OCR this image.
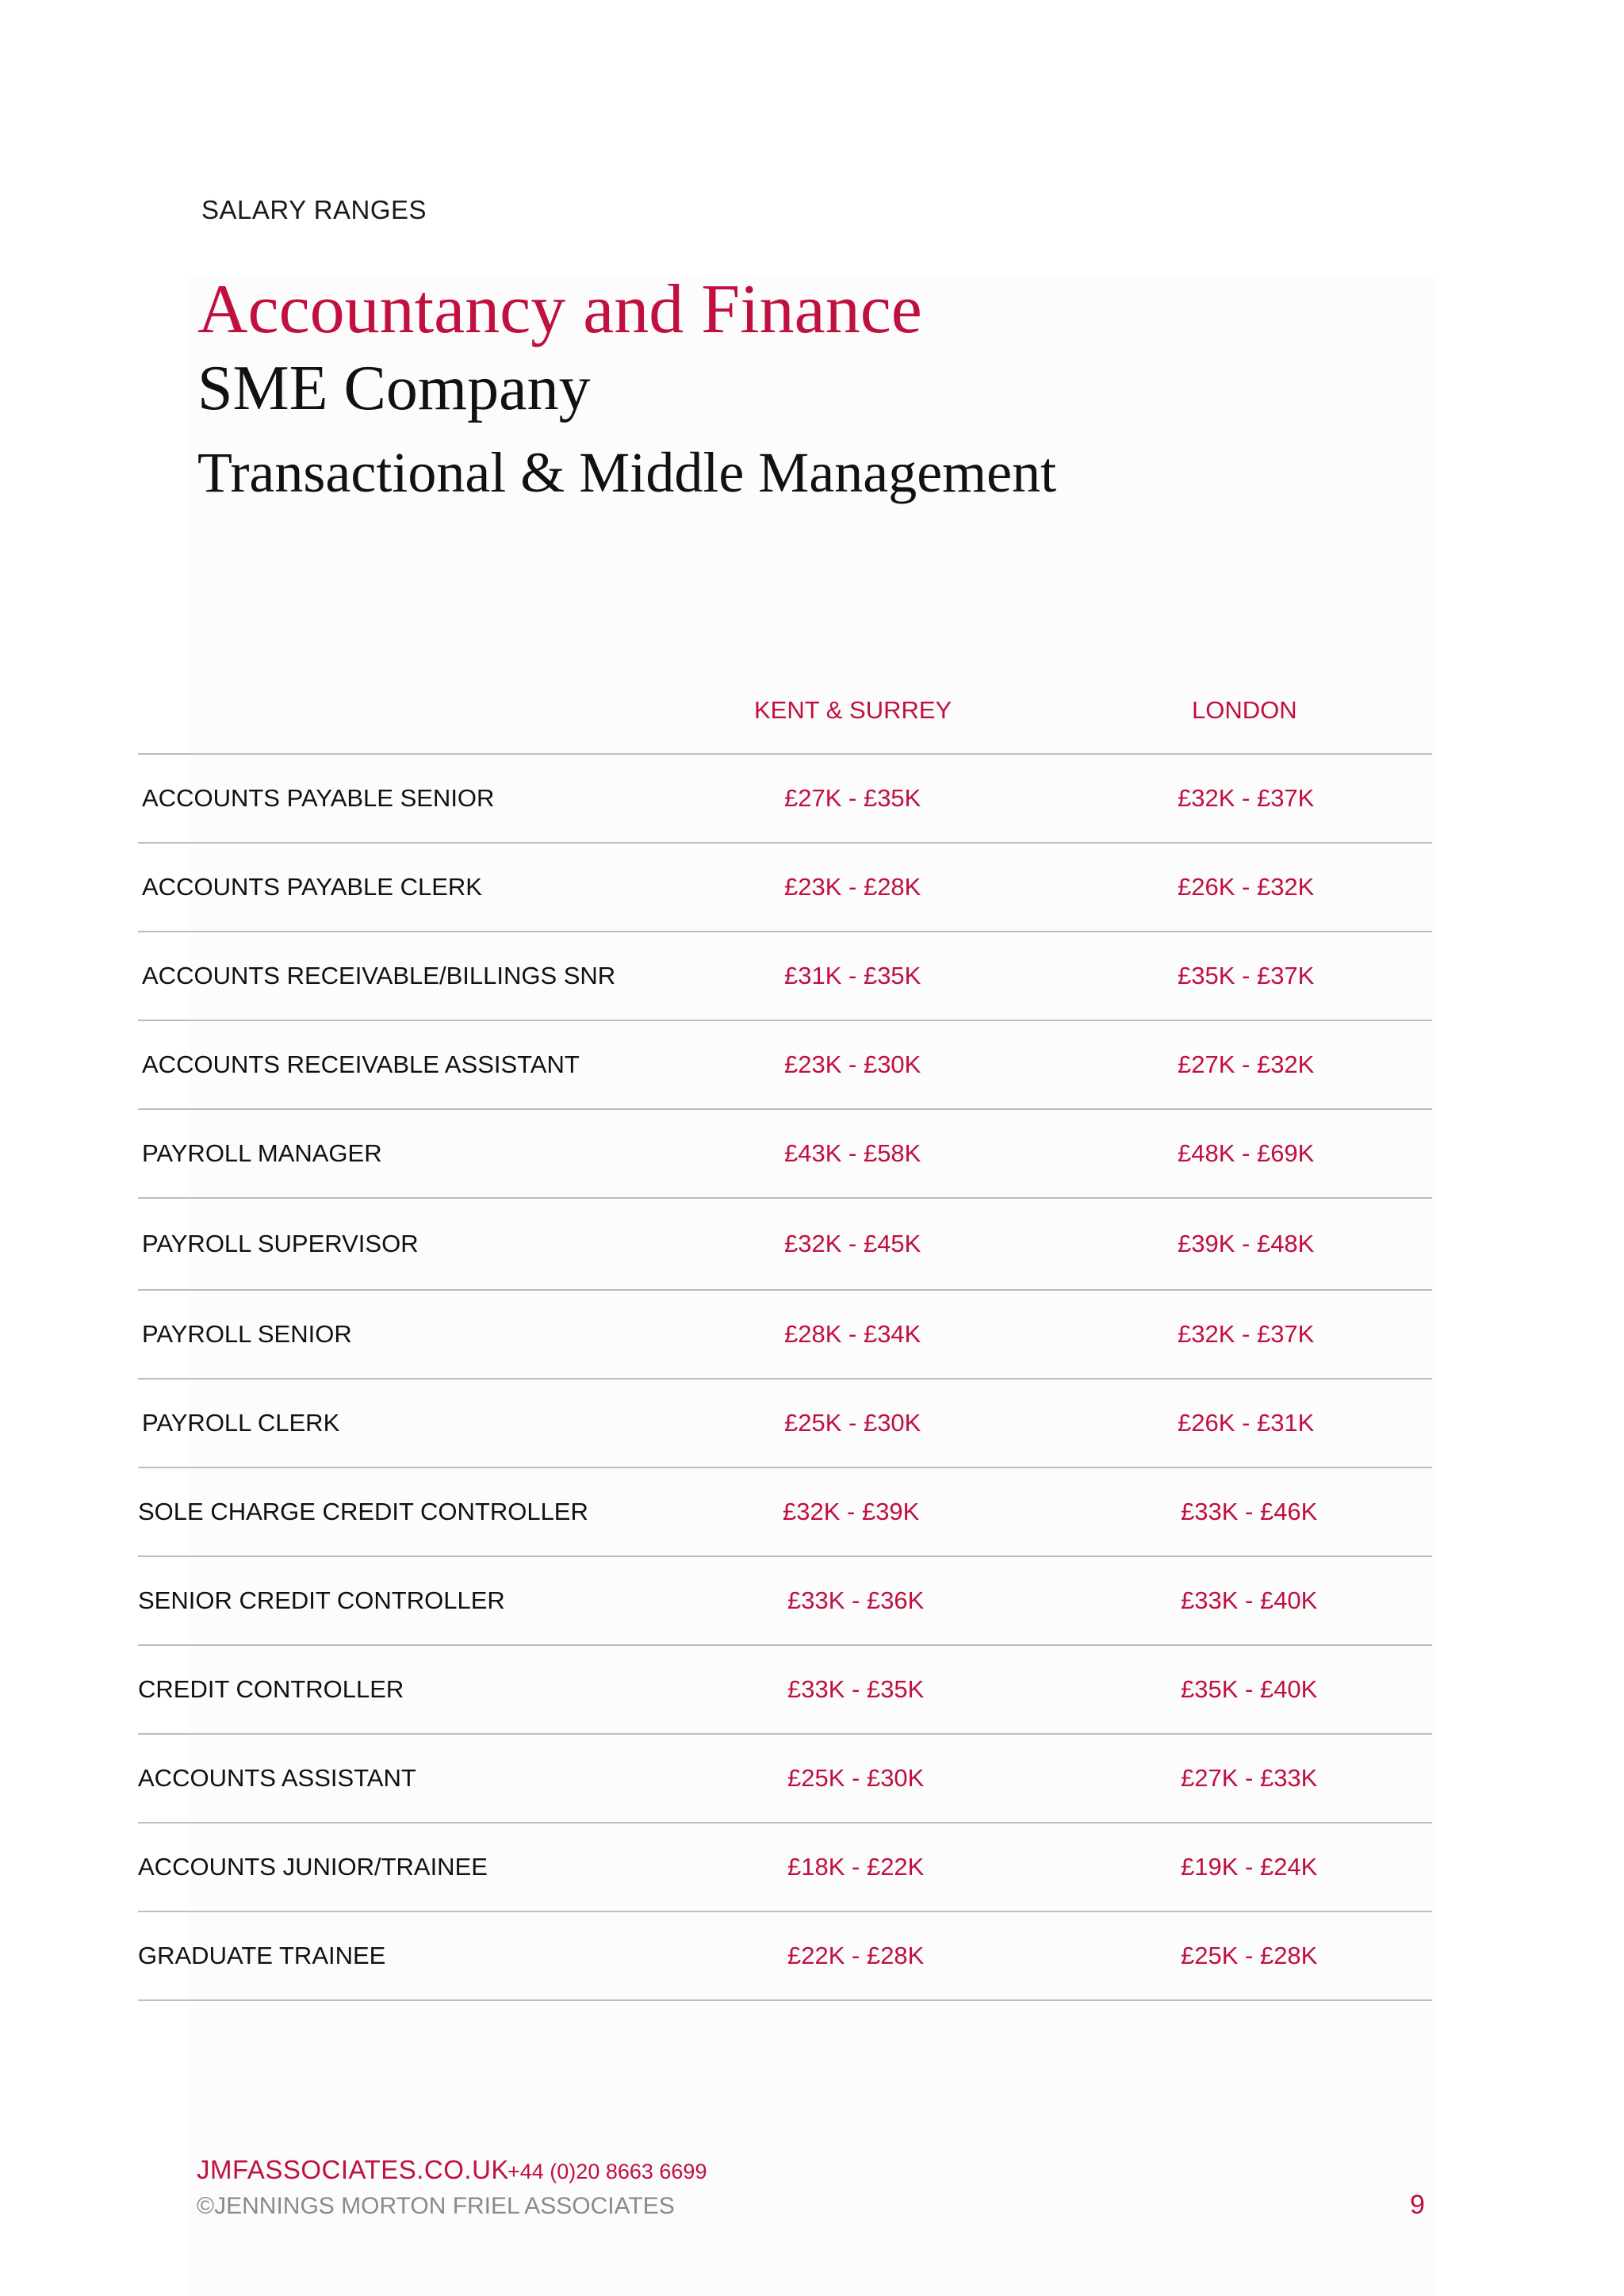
SALARY RANGES
Accountancy and Finance
SME Company
Transactional & Middle Management
KENT & SURREY	LONDON
ACCOUNTS PAYABLE SENIOR	£27K - £35K	£32K - £37K
ACCOUNTS PAYABLE CLERK	£23K - £28K	£26K - £32K
ACCOUNTS RECEIVABLE/BILLINGS SNR	£31K - £35K	£35K - £37K
ACCOUNTS RECEIVABLE ASSISTANT	£23K - £30K	£27K - £32K
PAYROLL MANAGER	£43K - £58K	£48K - £69K
PAYROLL SUPERVISOR	£32K - £45K	£39K - £48K
PAYROLL SENIOR	£28K - £34K	£32K - £37K
PAYROLL CLERK	£25K - £30K	£26K - £31K
SOLE CHARGE CREDIT CONTROLLER	£32K - £39K	£33K - £46K
SENIOR CREDIT CONTROLLER	£33K - £36K	£33K - £40K
CREDIT CONTROLLER	£33K - £35K	£35K - £40K
ACCOUNTS ASSISTANT	£25K - £30K	£27K - £33K
ACCOUNTS JUNIOR/TRAINEE	£18K - £22K	£19K - £24K
GRADUATE TRAINEE	£22K - £28K	£25K - £28K
JMFASSOCIATES.CO.UK
+44 (0)20 8663 6699
©JENNINGS MORTON FRIEL ASSOCIATES	9
